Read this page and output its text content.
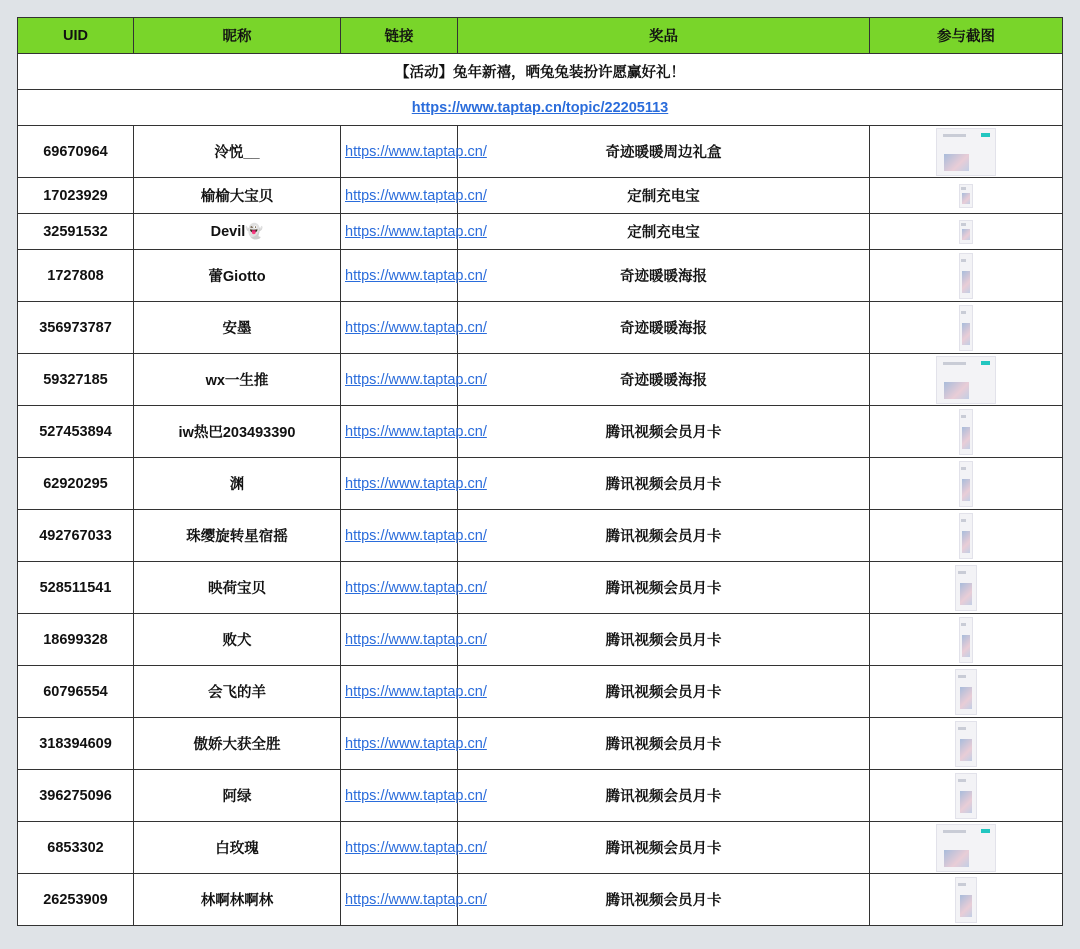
UID	昵称	链接	奖品	参与截图
【活动】兔年新禧，晒兔兔装扮许愿赢好礼！				
https://www.taptap.cn/topic/22205113				
69670964	泠悦__	https://www.taptap.cn/	奇迹暖暖周边礼盒	

17023929	榆榆大宝贝	https://www.taptap.cn/	定制充电宝	

32591532	Devil👻	https://www.taptap.cn/	定制充电宝	

1727808	蕾Giotto	https://www.taptap.cn/	奇迹暖暖海报	

356973787	安墨	https://www.taptap.cn/	奇迹暖暖海报	

59327185	wx一生推	https://www.taptap.cn/	奇迹暖暖海报	

527453894	iw热巴203493390	https://www.taptap.cn/	腾讯视频会员月卡	

62920295	渊	https://www.taptap.cn/	腾讯视频会员月卡	

492767033	珠缨旋转星宿摇	https://www.taptap.cn/	腾讯视频会员月卡	

528511541	映荷宝贝	https://www.taptap.cn/	腾讯视频会员月卡	

18699328	败犬	https://www.taptap.cn/	腾讯视频会员月卡	

60796554	会飞的羊	https://www.taptap.cn/	腾讯视频会员月卡	

318394609	傲娇大获全胜	https://www.taptap.cn/	腾讯视频会员月卡	

396275096	阿绿	https://www.taptap.cn/	腾讯视频会员月卡	

6853302	白玫瑰	https://www.taptap.cn/	腾讯视频会员月卡	

26253909	林啊林啊林	https://www.taptap.cn/	腾讯视频会员月卡	
